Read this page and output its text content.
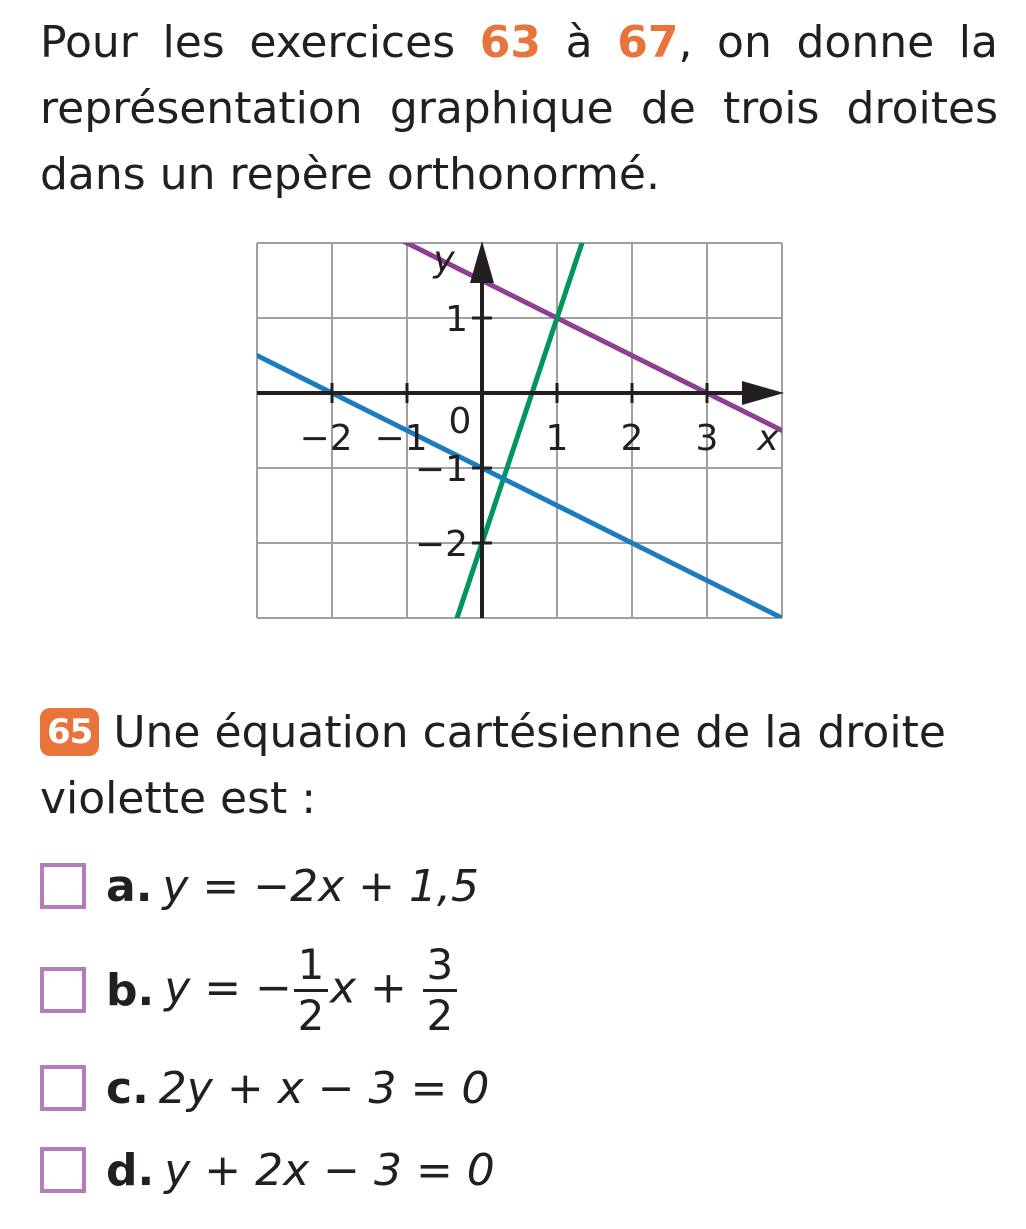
Pour les exercices 63 à 67, on donne la représentation graphique de trois droites dans un repère orthonormé.
−2 −1	1 2 3
1
−1
−2
0	x
y
65 Une équation cartésienne de la droite violette est :
a. y = −2x + 1,5
b. y = − $\frac{1}{2}$ $x + \frac{3}{2}$
c. 2y + x − 3 = 0
d. y + 2x − 3 = 0
